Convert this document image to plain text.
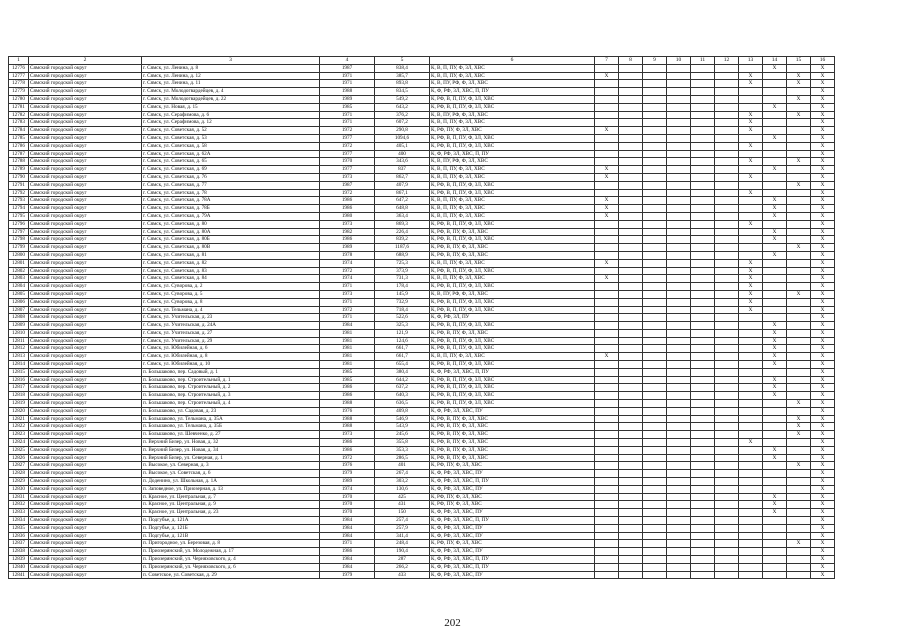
1	2	3	4	5	6	7	8	9	10	11	12	13	14	15	16
12776	Сямский городской округ	г. Сямск, ул. Ленина, д. 8	1987	838,4	К, В, П, ПУ, Ф, 3Л, ХВС								X		X
12777	Сямский городской округ	г. Сямск, ул. Ленина, д. 12	1971	385,7	К, В, П, ПУ, Ф, 3Л, ХВС	X						X		X	X
12778	Сямский городской округ	г. Сямск, ул. Ленина, д. 11	1971	893,8	К, В, ПУ, РФ, Ф, 3Л, ХВС							X		X	X
12779	Сямский городской округ	г. Сямск, ул. Молодогвардейцев, д. 4	1988	834,5	К, Ф, РФ, 3Л, ХВС, П, ПУ										X
12780	Сямский городской округ	г. Сямск, ул. Молодогвардейцев, д. 22	1989	549,2	К, РФ, В, П, ПУ, Ф, 3Л, ХВС									X	X
12781	Сямский городской округ	г. Сямск, ул. Новая, д. 15	1985	643,2	К, РФ, В, П, ПУ, Ф, 3Л, ХВС								X		X
12782	Сямский городской округ	г. Сямск, ул. Серафимова, д. 6	1971	376,2	К, В, ПУ, РФ, Ф, 3Л, ХВС							X		X	X
12783	Сямский городской округ	г. Сямск, ул. Серафимова, д. 12	1971	607,2	К, В, П, ПУ, Ф, 3Л, ХВС							X			X
12784	Сямский городской округ	г. Сямск, ул. Советская, д. 52	1972	290,8	К, РФ, ПУ, Ф, 3Л, ХВС	X						X			X
12785	Сямский городской округ	г. Сямск, ул. Советская, д. 53	1977	1094,6	К, РФ, В, П, ПУ, Ф, 3Л, ХВС								X		X
12786	Сямский городской округ	г. Сямск, ул. Советская, д. 58	1972	405,1	К, РФ, В, П, ПУ, Ф, 3Л, ХВС							X			X
12787	Сямский городской округ	г. Сямск, ул. Советская, д. 62А	1977	400	К, Ф, РФ, 3Л, ХВС, П, ПУ										X
12788	Сямский городской округ	г. Сямск, ул. Советская, д. 65	1970	343,6	К, В, ПУ, РФ, Ф, 3Л, ХВС							X		X	X
12789	Сямский городской округ	г. Сямск, ул. Советская, д. 69	1977	837	К, В, П, ПУ, Ф, 3Л, ХВС	X							X		X
12790	Сямский городской округ	г. Сямск, ул. Советская, д. 76	1973	862,7	К, В, П, ПУ, Ф, 3Л, ХВС	X						X			X
12791	Сямский городской округ	г. Сямск, ул. Советская, д. 77	1987	407,9	К, РФ, В, П, ПУ, Ф, 3Л, ХВС									X	X
12792	Сямский городской округ	г. Сямск, ул. Советская, д. 78	1972	867,1	К, РФ, В, П, ПУ, Ф, 3Л, ХВС							X			X
12793	Сямский городской округ	г. Сямск, ул. Советская, д. 78А	1986	647,2	К, В, П, ПУ, Ф, 3Л, ХВС	X							X		X
12794	Сямский городской округ	г. Сямск, ул. Советская, д. 78Б	1986	648,8	К, В, П, ПУ, Ф, 3Л, ХВС	X							X		X
12795	Сямский городской округ	г. Сямск, ул. Советская, д. 79А	1980	363,4	К, В, П, ПУ, Ф, 3Л, ХВС	X							X		X
12796	Сямский городской округ	г. Сямск, ул. Советская, д. 80	1973	869,3	К, РФ, В, П, ПУ, Ф, 3Л, ХВС							X			X
12797	Сямский городской округ	г. Сямск, ул. Советская, д. 80А	1982	226,4	К, РФ, В, ПУ, Ф, 3Л, ХВС								X		X
12798	Сямский городской округ	г. Сямск, ул. Советская, д. 80Б	1986	839,2	К, РФ, В, П, ПУ, Ф, 3Л, ХВС								X		X
12799	Сямский городской округ	г. Сямск, ул. Советская, д. 80В	1989	1187,6	К, РФ, В, ПУ, Ф, 3Л, ХВС									X	X
12800	Сямский городской округ	г. Сямск, ул. Советская, д. 81	1978	688,9	К, РФ, В, ПУ, Ф, 3Л, ХВС								X		X
12801	Сямский городской округ	г. Сямск, ул. Советская, д. 82	1974	725,3	К, В, П, ПУ, Ф, 3Л, ХВС	X						X			X
12802	Сямский городской округ	г. Сямск, ул. Советская, д. 83	1972	373,9	К, РФ, В, П, ПУ, Ф, 3Л, ХВС							X			X
12803	Сямский городской округ	г. Сямск, ул. Советская, д. 84	1974	731,3	К, В, П, ПУ, Ф, 3Л, ХВС	X						X			X
12804	Сямский городской округ	г. Сямск, ул. Суворова, д. 2	1971	178,4	К, РФ, В, П, ПУ, Ф, 3Л, ХВС							X			X
12805	Сямский городской округ	г. Сямск, ул. Суворова, д. 5	1973	145,9	К, В, ПУ, РФ, Ф, 3Л, ХВС							X		X	X
12806	Сямский городской округ	г. Сямск, ул. Суворова, д. 8	1971	732,9	К, РФ, В, П, ПУ, Ф, 3Л, ХВС							X			X
12807	Сямский городской округ	г. Сямск, ул. Тельмана, д. 4	1972	718,4	К, РФ, В, П, ПУ, Ф, 3Л, ХВС							X			X
12808	Сямский городской округ	г. Сямск, ул. Учительская, д. 23	1971	522,6	К, Ф, РФ, 3Л, ПУ										X
12809	Сямский городской округ	г. Сямск, ул. Учительская, д. 24А	1984	325,3	К, РФ, В, П, ПУ, Ф, 3Л, ХВС								X		X
12810	Сямский городской округ	г. Сямск, ул. Учительская, д. 27	1981	121,9	К, РФ, В, ПУ, Ф, 3Л, ХВС								X		X
12811	Сямский городской округ	г. Сямск, ул. Учительская, д. 29	1981	124,6	К, РФ, В, П, ПУ, Ф, 3Л, ХВС								X		X
12812	Сямский городской округ	г. Сямск, ул. Юбилейная, д. 6	1981	661,7	К, РФ, В, П, ПУ, Ф, 3Л, ХВС								X		X
12813	Сямский городской округ	г. Сямск, ул. Юбилейная, д. 8	1981	661,7	К, В, П, ПУ, Ф, 3Л, ХВС	X							X		X
12814	Сямский городской округ	г. Сямск, ул. Юбилейная, д. 10	1981	655,4	К, РФ, В, П, ПУ, Ф, 3Л, ХВС								X		X
12815	Сямский городской округ	п. Большаково, пер. Садовый, д. 1	1985	380,4	К, Ф, РФ, 3Л, ХВС, П, ПУ										X
12816	Сямский городской округ	п. Большаково, пер. Строительный, д. 1	1985	644,2	К, РФ, В, П, ПУ, Ф, 3Л, ХВС								X		X
12817	Сямский городской округ	п. Большаково, пер. Строительный, д. 2	1986	637,2	К, РФ, В, П, ПУ, Ф, 3Л, ХВС								X		X
12818	Сямский городской округ	п. Большаково, пер. Строительный, д. 3	1986	640,3	К, РФ, В, П, ПУ, Ф, 3Л, ХВС								X		X
12819	Сямский городской округ	п. Большаково, пер. Строительный, д. 4	1988	636,5	К, РФ, В, П, ПУ, Ф, 3Л, ХВС									X	X
12820	Сямский городской округ	п. Большаково, ул. Садовая, д. 23	1976	409,8	К, Ф, РФ, 3Л, ХВС, ПУ										X
12821	Сямский городской округ	п. Большаково, ул. Тельмана, д. 35А	1988	546,9	К, РФ, В, ПУ, Ф, 3Л, ХВС									X	X
12822	Сямский городской округ	п. Большаково, ул. Тельмана, д. 35Б	1988	543,9	К, РФ, В, ПУ, Ф, 3Л, ХВС									X	X
12823	Сямский городской округ	п. Большаково, ул. Шевченко, д. 27	1973	245,6	К, РФ, В, ПУ, Ф, 3Л, ХВС									X	X
12824	Сямский городской округ	п. Верхний Бизер, ул. Новая, д. 32	1986	355,8	К, РФ, В, ПУ, Ф, 3Л, ХВС							X			X
12825	Сямский городской округ	п. Верхний Бизер, ул. Новая, д. 34	1986	353,3	К, РФ, В, ПУ, Ф, 3Л, ХВС								X		X
12826	Сямский городской округ	п. Верхний Бизер, ул. Северная, д. 1	1972	286,5	К, РФ, В, ПУ, Ф, 3Л, ХВС								X		X
12827	Сямский городской округ	п. Высокое, ул. Северная, д. 3	1976	401	К, РФ, ПУ, Ф, 3Л, ХВС									X	X
12828	Сямский городской округ	п. Высокое, ул. Советская, д. 6	1979	267,4	К, Ф, РФ, 3Л, ХВС, ПУ										X
12829	Сямский городской округ	п. Доденино, ул. Школьная, д. 1А	1989	303,2	К, Ф, РФ, 3Л, ХВС, П, ПУ										X
12830	Сямский городской округ	п. Заповедное, ул. Приозерная, д. 13	1974	130,6	К, Ф, РФ, 3Л, ХВС, ПУ										X
12831	Сямский городской округ	п. Красное, ул. Центральная, д. 7	1970	425	К, РФ, ПУ, Ф, 3Л, ХВС								X		X
12832	Сямский городской округ	п. Красное, ул. Центральная, д. 9	1970	431	К, РФ, ПУ, Ф, 3Л, ХВС								X		X
12833	Сямский городской округ	п. Красное, ул. Центральная, д. 23	1970	150	К, Ф, РФ, 3Л, ХВС, ПУ								X		X
12834	Сямский городской округ	п. Подгубье, д. 121А	1984	257,4	К, Ф, РФ, 3Л, ХВС, П, ПУ										X
12835	Сямский городской округ	п. Подгубье, д. 121Б	1984	257,9	К, Ф, РФ, 3Л, ХВС, ПУ										X
12836	Сямский городской округ	п. Подгубье, д. 121В	1984	341,4	К, Ф, РФ, 3Л, ХВС, ПУ										X
12837	Сямский городской округ	п. Пригородное, ул. Березовая, д. 8	1971	248,4	К, РФ, ПУ, Ф, 3Л, ХВС									X	X
12838	Сямский городской округ	п. Приозерянский, ул. Молодежная, д. 17	1986	190,4	К, Ф, РФ, 3Л, ХВС, ПУ										X
12839	Сямский городской округ	п. Приозерянский, ул. Черняховского, д. 4	1984	287	К, Ф, РФ, 3Л, ХВС, П, ПУ										X
12840	Сямский городской округ	п. Приозерянский, ул. Черняховского, д. 6	1984	266,2	К, Ф, РФ, 3Л, ХВС, П, ПУ										X
12841	Сямский городской округ	п. Советское, ул. Советская, д. 29	1979	433	К, Ф, РФ, 3Л, ХВС, ПУ										X
202
